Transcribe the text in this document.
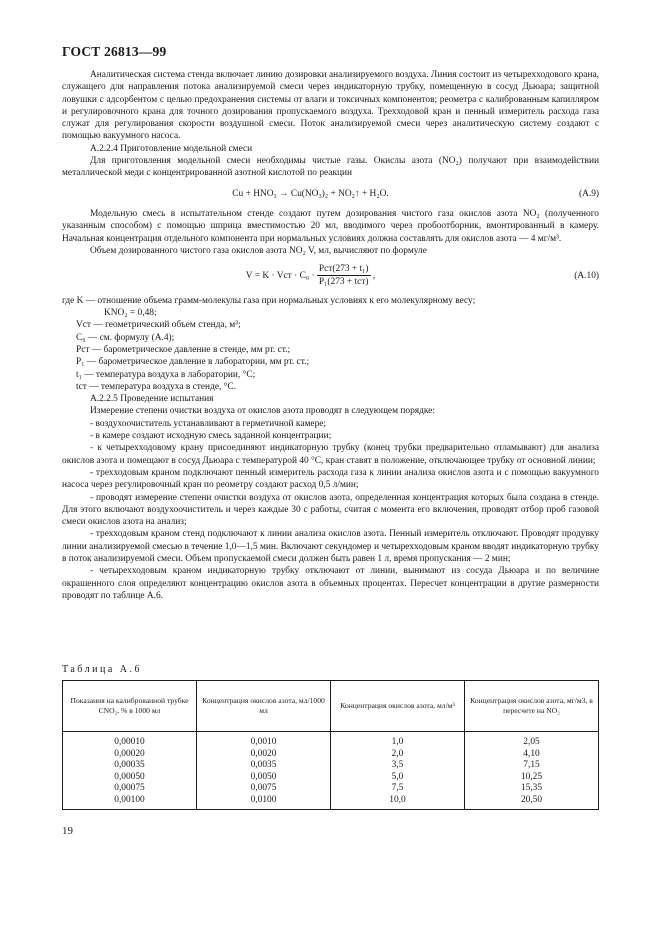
ГОСТ 26813—99

Аналитическая система стенда включает линию дозировки анализируемого воздуха. Линия состоит из четырехходового крана, служащего для направления потока анализируемой смеси через индикаторную трубку, помещенную в сосуд Дьюара; защитной ловушки с адсорбентом с целью предохранения системы от влаги и токсичных компонентов; реометра с калиброванным капилляром и регулировочного крана для точного дозирования пропускаемого воздуха. Трехходовой кран и пенный измеритель расхода газа служат для регулирования скорости воздушной смеси. Поток анализируемой смеси через аналитическую систему создают с помощью вакуумного насоса.

А.2.2.4 Приготовление модельной смеси

Для приготовления модельной смеси необходимы чистые газы. Окислы азота (NO₂) получают при взаимодействии металлической меди с концентрированной азотной кислотой по реакции

Cu + HNO₃ → Cu(NO₃)₂ + NO₂↑ + H₂O.	(А.9)

Модельную смесь в испытательном стенде создают путем дозирования чистого газа окислов азота NO₂ (полученного указанным способом) с помощью шприца вместимостью 20 мл, вводимого через пробоотборник, вмонтированный в камеру. Начальная концентрация отдельного компонента при нормальных условиях должна составлять для окислов азота — 4 мг/м³.

Объем дозированного чистого газа окислов азота NO₂ V, мл, вычисляют по формуле

V = K · Vст · $C_0 \cdot \frac{\text{Pст(273 + t₁)}}{\text{P₁(273 + tст)}}$ ,	(А.10)

где K — отношение объема грамм-молекулы газа при нормальных условиях к его молекулярному весу;

KNO₂ = 0,48;

Vст — геометрический объем стенда, м³;

C₀ — см. формулу (А.4);

Pст — барометрическое давление в стенде, мм рт. ст.;

P₁ — барометрическое давление в лаборатории, мм рт. ст.;

t₁ — температура воздуха в лаборатории, °С;

tст — температура воздуха в стенде, °С.

А.2.2.5 Проведение испытания

Измерение степени очистки воздуха от окислов азота проводят в следующем порядке:

- воздухоочиститель устанавливают в герметичной камере;

- в камере создают исходную смесь заданной концентрации;

- к четырехходовому крану присоединяют индикаторную трубку (конец трубки предварительно отламывают) для анализа окислов азота и помещают в сосуд Дьюара с температурой 40 °С, кран ставят в положение, отключающее трубку от основной линии;

- трехходовым краном подключают пенный измеритель расхода газа к линии анализа окислов азота и с помощью вакуумного насоса через регулировочный кран по реометру создают расход 0,5 л/мин;

- проводят измерение степени очистки воздуха от окислов азота, определенная концентрация которых была создана в стенде. Для этого включают воздухоочиститель и через каждые 30 с работы, считая с момента его включения, проводят отбор проб газовой смеси окислов азота на анализ;

- трехходовым краном стенд подключают к линии анализа окислов азота. Пенный измеритель отключают. Проводят продувку линии анализируемой смесью в течение 1,0—1,5 мин. Включают секундомер и четырехходовым краном вводят индикаторную трубку в поток анализируемой смеси. Объем пропускаемой смеси должен быть равен 1 л, время пропускания — 2 мин;

- четырехходовым краном индикаторную трубку отключают от линии, вынимают из сосуда Дьюара и по величине окрашенного слоя определяют концентрацию окислов азота в объемных процентах. Пересчет концентрации в другие размерности проводят по таблице А.6.

Таблица А.6
Показания на калиброванной трубке CNO₂, % в 1000 мл	Концентрация окислов азота, мл/1000 мл	Концентрация окислов азота, мл/м³	Концентрация окислов азота, мг/м3, в пересчете на NO₂
0,00010	0,0010	1,0	2,05
0,00020	0,0020	2,0	4,10
0,00035	0,0035	3,5	7,15
0,00050	0,0050	5,0	10,25
0,00075	0,0075	7,5	15,35
0,00100	0,0100	10,0	20,50
19
